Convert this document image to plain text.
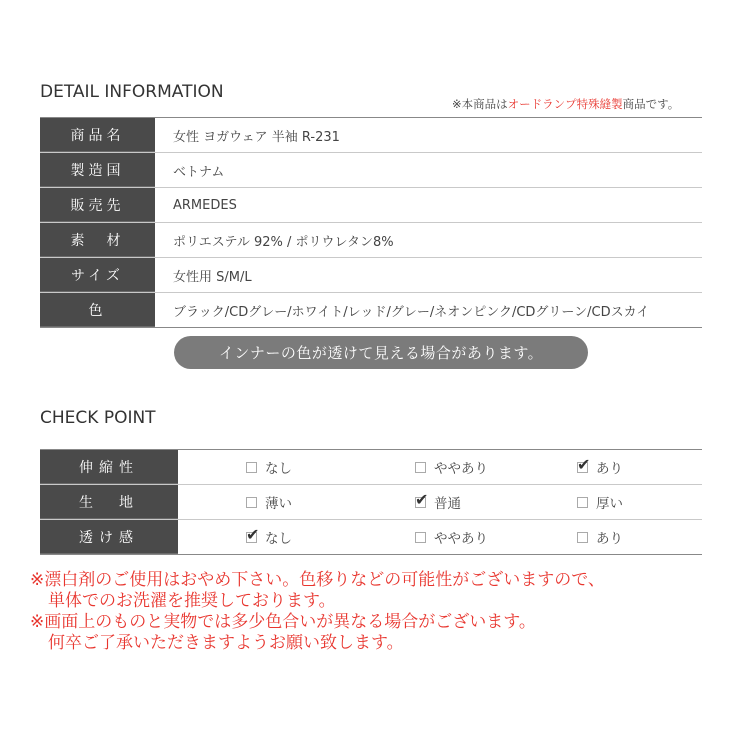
DETAIL INFORMATION
※本商品はオードランプ特殊縫製商品です。
商品名	女性 ヨガウェア 半袖 R-231
製造国	ベトナム
販売先	ARMEDES
素　材	ポリエステル 92% / ポリウレタン8%
サイズ	女性用 S/M/L
色	ブラック/CDグレー/ホワイト/レッド/グレー/ネオンピンク/CDグリーン/CDスカイ
インナーの色が透けて見える場合があります。
CHECK POINT
伸縮性	なし	ややあり	✔ あり
生　地	薄い	✔ 普通	厚い
透け感	✔ なし	ややあり	あり
※漂白剤のご使用はおやめ下さい。色移りなどの可能性がございますので、
単体でのお洗濯を推奨しております。
※画面上のものと実物では多少色合いが異なる場合がございます。
何卒ご了承いただきますようお願い致します。
